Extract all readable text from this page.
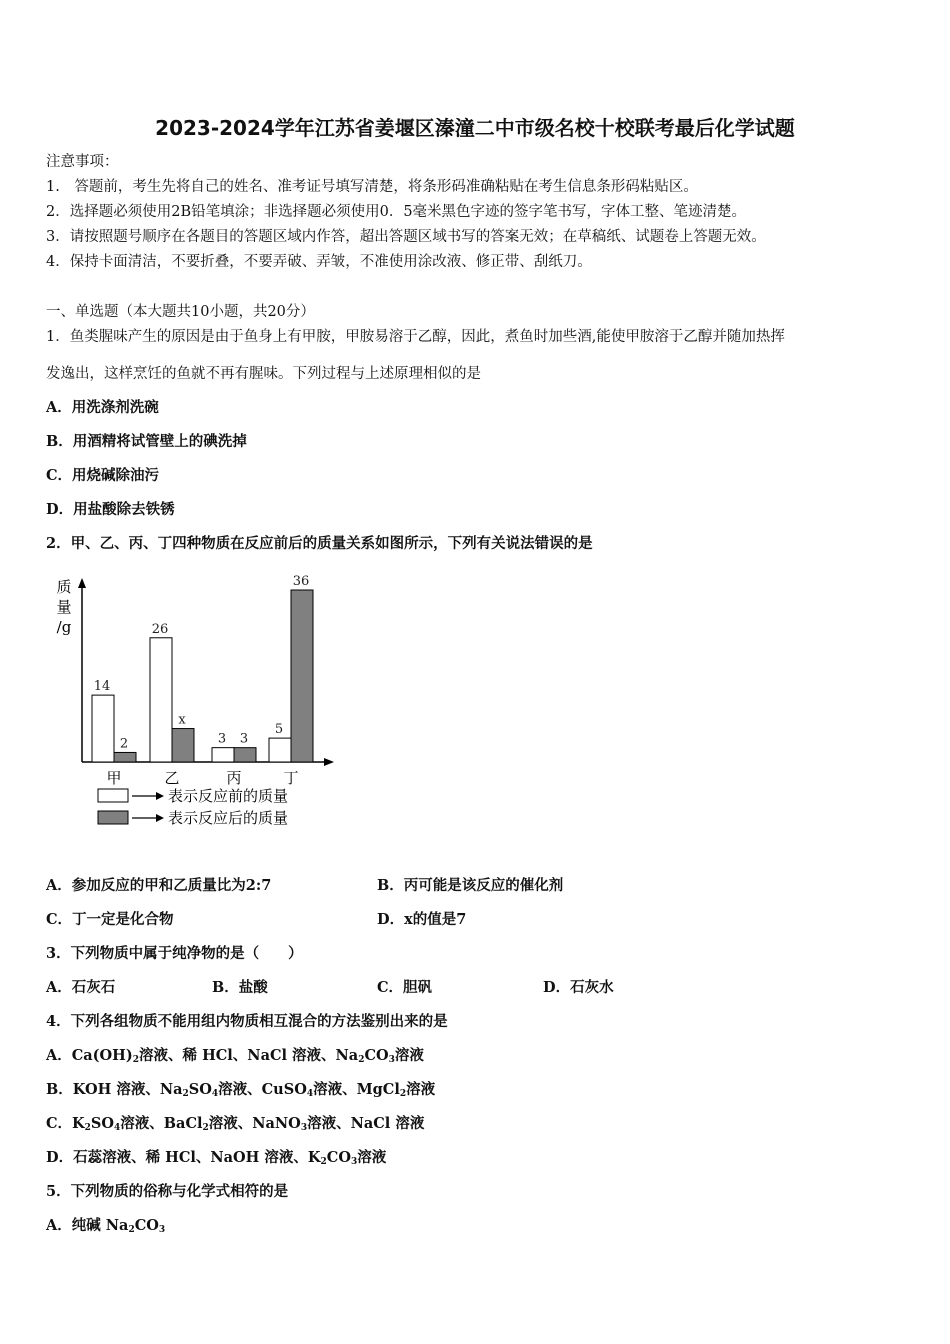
2023-2024学年江苏省姜堰区溱潼二中市级名校十校联考最后化学试题
注意事项：
1.　答题前，考生先将自己的姓名、准考证号填写清楚，将条形码准确粘贴在考生信息条形码粘贴区。
2．选择题必须使用2B铅笔填涂；非选择题必须使用0．5毫米黑色字迹的签字笔书写，字体工整、笔迹清楚。
3．请按照题号顺序在各题目的答题区域内作答，超出答题区域书写的答案无效；在草稿纸、试题卷上答题无效。
4．保持卡面清洁，不要折叠，不要弄破、弄皱，不准使用涂改液、修正带、刮纸刀。
一、单选题（本大题共10小题，共20分）
1．鱼类腥味产生的原因是由于鱼身上有甲胺，甲胺易溶于乙醇，因此，煮鱼时加些酒,能使甲胺溶于乙醇并随加热挥
发逸出，这样烹饪的鱼就不再有腥味。下列过程与上述原理相似的是
A．用洗涤剂洗碗
B．用酒精将试管壁上的碘洗掉
C．用烧碱除油污
D．用盐酸除去铁锈
2．甲、乙、丙、丁四种物质在反应前后的质量关系如图所示，下列有关说法错误的是
质
量
/g
14
2
甲
26
x
乙
3 3
丙
5
36
丁
表示反应前的质量
表示反应后的质量
A．参加反应的甲和乙质量比为2:7	B．丙可能是该反应的催化剂
C．丁一定是化合物	D．x的值是7
3．下列物质中属于纯净物的是（　　）
A．石灰石	B．盐酸	C．胆矾	D．石灰水
4．下列各组物质不能用组内物质相互混合的方法鉴别出来的是
A．$Ca(OH)_2$溶液、稀 HCl、NaCl 溶液、$Na_2CO_3$溶液
B．KOH 溶液、$Na_2SO_4$溶液、CuSO$_4$溶液、MgCl$_2$溶液
C．$K_2SO_4$溶液、BaCl$_2$溶液、NaNO$_3$溶液、NaCl 溶液
D．石蕊溶液、稀 HCl、NaOH 溶液、$K_2CO_3$溶液
5．下列物质的俗称与化学式相符的是
A．纯碱 $Na_2CO_3$
